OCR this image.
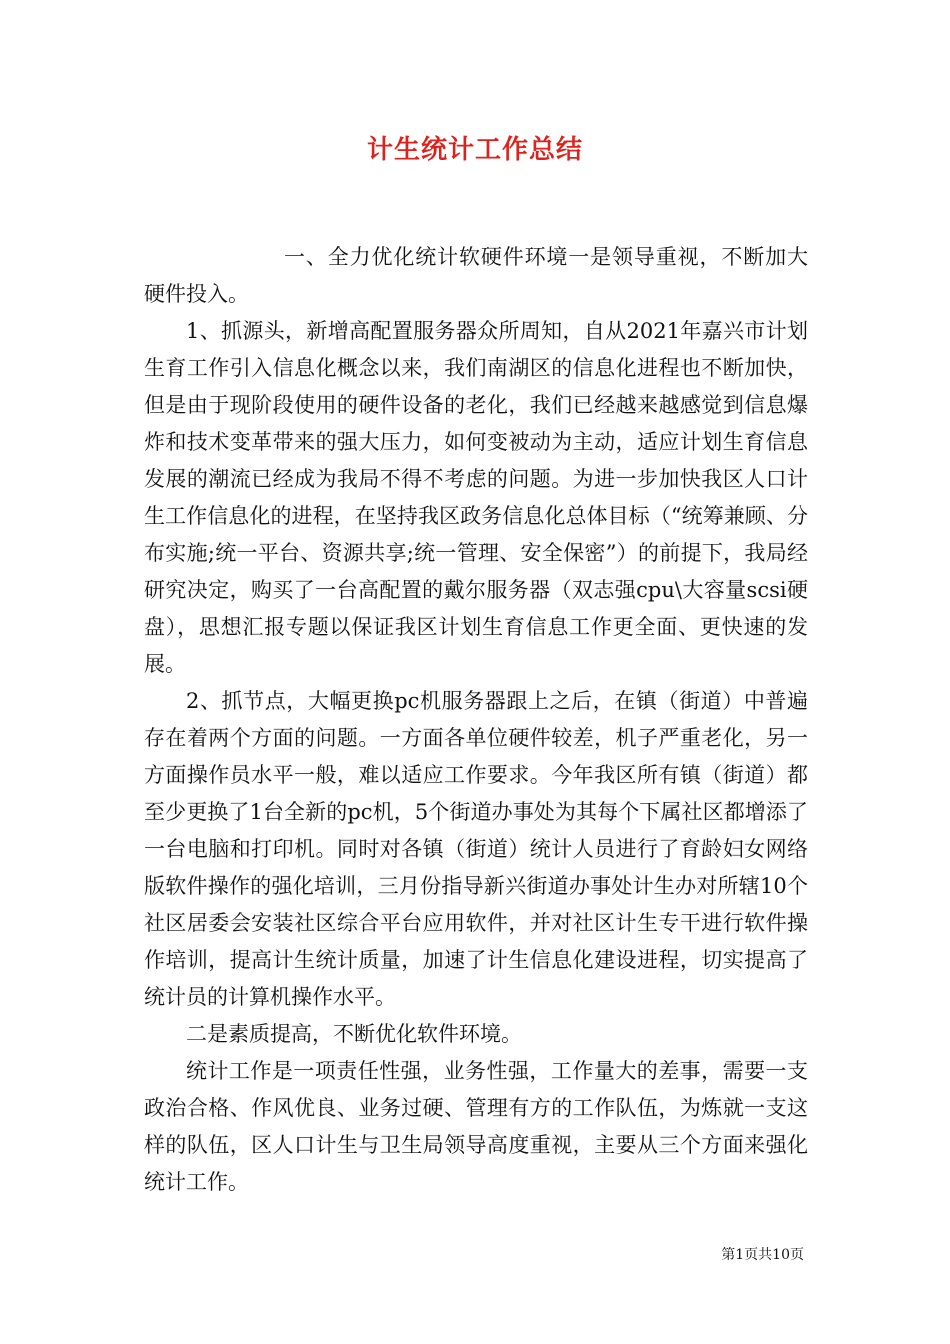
计生统计工作总结

一、全力优化统计软硬件环境一是领导重视，不断加大硬件投入。

1、抓源头，新增高配置服务器众所周知，自从2021年嘉兴市计划生育工作引入信息化概念以来，我们南湖区的信息化进程也不断加快，但是由于现阶段使用的硬件设备的老化，我们已经越来越感觉到信息爆炸和技术变革带来的强大压力，如何变被动为主动，适应计划生育信息发展的潮流已经成为我局不得不考虑的问题。为进一步加快我区人口计生工作信息化的进程，在坚持我区政务信息化总体目标（“统筹兼顾、分布实施;统一平台、资源共享;统一管理、安全保密”）的前提下，我局经研究决定，购买了一台高配置的戴尔服务器（双志强cpu\大容量scsi硬盘），思想汇报专题以保证我区计划生育信息工作更全面、更快速的发展。

2、抓节点，大幅更换pc机服务器跟上之后，在镇（街道）中普遍存在着两个方面的问题。一方面各单位硬件较差，机子严重老化，另一方面操作员水平一般，难以适应工作要求。今年我区所有镇（街道）都至少更换了1台全新的pc机，5个街道办事处为其每个下属社区都增添了一台电脑和打印机。同时对各镇（街道）统计人员进行了育龄妇女网络版软件操作的强化培训，三月份指导新兴街道办事处计生办对所辖10个社区居委会安装社区综合平台应用软件，并对社区计生专干进行软件操作培训，提高计生统计质量，加速了计生信息化建设进程，切实提高了统计员的计算机操作水平。

二是素质提高，不断优化软件环境。

统计工作是一项责任性强，业务性强，工作量大的差事，需要一支政治合格、作风优良、业务过硬、管理有方的工作队伍，为炼就一支这样的队伍，区人口计生与卫生局领导高度重视，主要从三个方面来强化统计工作。

第1页共10页
